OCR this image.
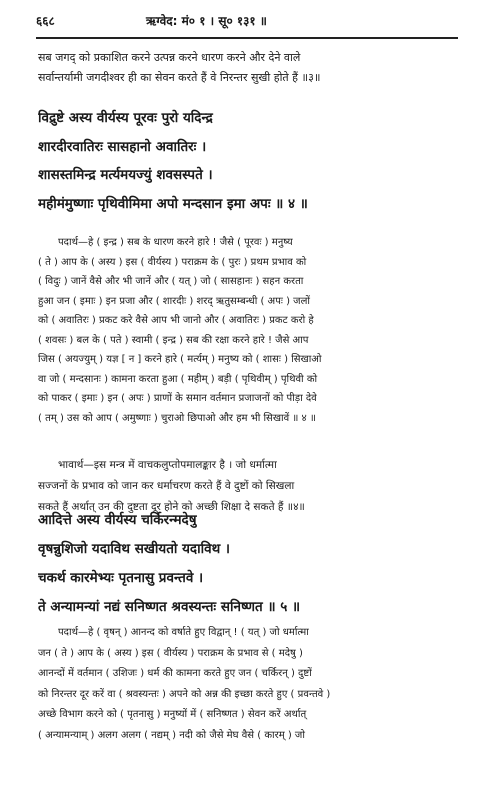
६६८	ऋग्वेद: मं० १ । सू० १३१ ॥
सब जगद् को प्रकाशित करने उत्पन्न करने धारण करने और देने वाले
सर्वान्तर्यामी जगदीश्वर ही का सेवन करते हैं वे निरन्तर सुखी होते हैं ॥३॥
विद्रुष्टे अस्य वीर्यस्य पूरवः पुरो यदिन्द्र
शारदीरवातिरः सासहानो अवातिरः ।
शासस्तमिन्द्र मर्त्यमयज्युं शवसस्पते ।
महीमंमुष्णाः पृथिवीमिमा अपो मन्दसान इमा अपः ॥ ४ ॥
पदार्थ—हे ( इन्द्र ) सब के धारण करने हारे ! जैसे ( पूरवः ) मनुष्य
( ते ) आप के ( अस्य ) इस ( वीर्यस्य ) पराक्रम के ( पुरः ) प्रथम प्रभाव को
( विदुः ) जानें वैसे और भी जानें और ( यत् ) जो ( सासहानः ) सहन करता
हुआ जन ( इमाः ) इन प्रजा और ( शारदीः ) शरद् ऋतुसम्बन्धी ( अपः ) जलों
को ( अवातिरः ) प्रकट करे वैसे आप भी जानो और ( अवातिरः ) प्रकट करो हे
( शवसः ) बल के ( पते ) स्वामी ( इन्द्र ) सब की रक्षा करने हारे ! जैसे आप
जिस ( अयज्युम् ) यज्ञ [ न ] करने हारे ( मर्त्यम् ) मनुष्य को ( शासः ) सिखाओ
वा जो ( मन्दसानः ) कामना करता हुआ ( महीम् ) बड़ी ( पृथिवीम् ) पृथिवी को
को पाकर ( इमाः ) इन ( अपः ) प्राणों के समान वर्तमान प्रजाजनों को पीड़ा देवे
( तम् ) उस को आप ( अमुष्णाः ) चुराओ छिपाओ और हम भी सिखावें ॥ ४ ॥
भावार्थ—इस मन्त्र में वाचकलुप्तोपमालङ्कार है । जो धर्मात्मा
सज्जनों के प्रभाव को जान कर धर्माचरण करते हैं वे दुष्टों को सिखला
सकते हैं अर्थात् उन की दुष्टता दूर होने को अच्छी शिक्षा दे सकते हैं ॥४॥
आदित्ते अस्य वीर्यस्य चर्किरन्मदेषु
वृषन्नुशिजो यदाविथ सखीयतो यदाविथ ।
चकर्थ कारमेभ्यः पृतनासु प्रवन्तवे ।
ते अन्यामन्यां नद्यं सनिष्णत श्रवस्यन्तः सनिष्णत ॥ ५ ॥
पदार्थ—हे ( वृषन् ) आनन्द को वर्षाते हुए विद्वान् ! ( यत् ) जो धर्मात्मा
जन ( ते ) आप के ( अस्य ) इस ( वीर्यस्य ) पराक्रम के प्रभाव से ( मदेषु )
आनन्दों में वर्तमान ( उशिजः ) धर्म की कामना करते हुए जन ( चर्किरन् ) दुष्टों
को निरन्तर दूर करें वा ( श्रवस्यन्तः ) अपने को अन्न की इच्छा करते हुए ( प्रवन्तवे )
अच्छे विभाग करने को ( पृतनासु ) मनुष्यों में ( सनिष्णत ) सेवन करें अर्थात्
( अन्यामन्याम् ) अलग अलग ( नद्यम् ) नदी को जैसे मेघ वैसे ( कारम् ) जो
